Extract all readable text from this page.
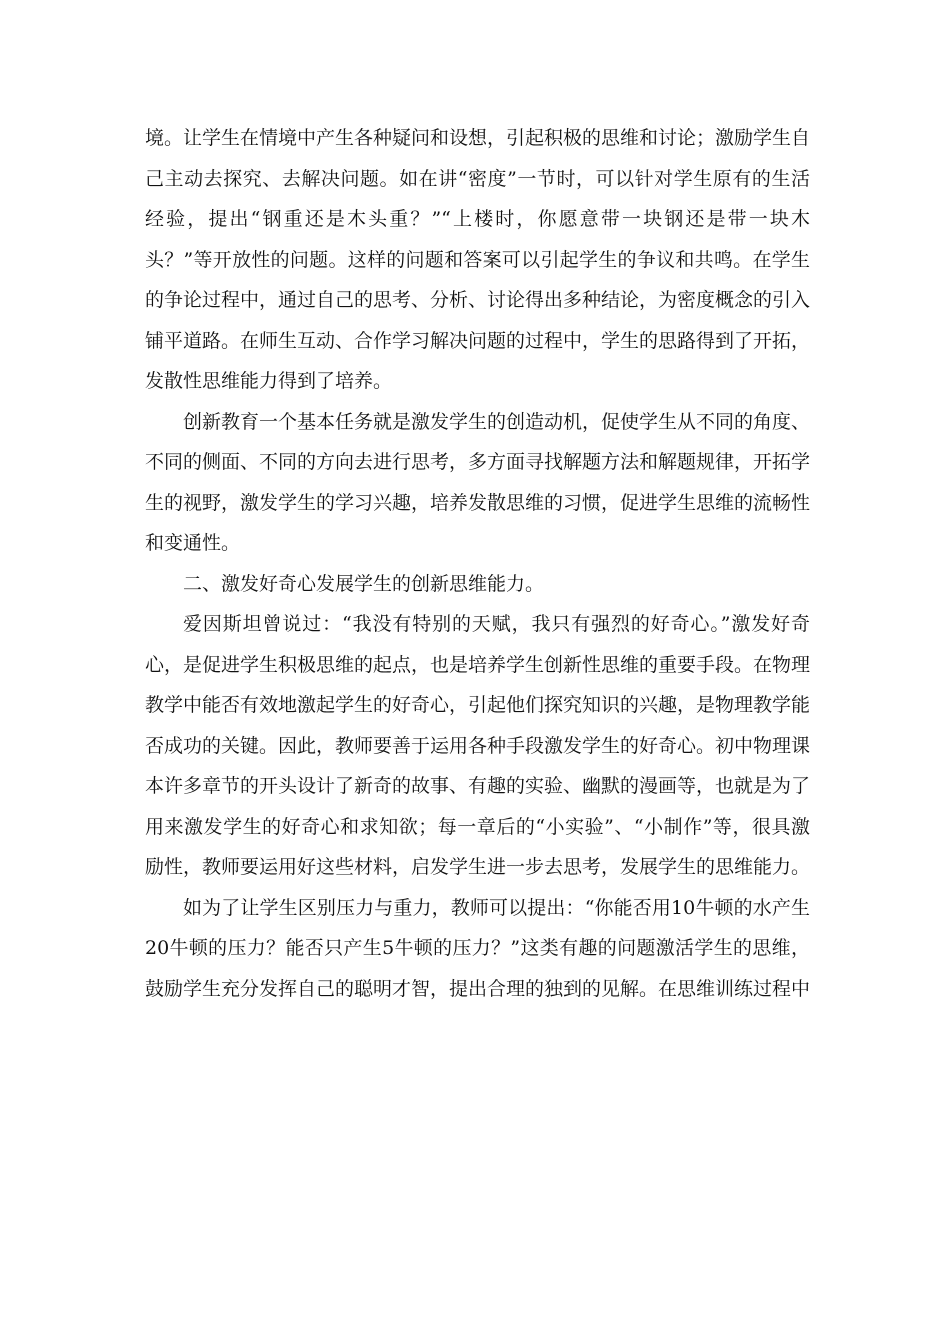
境。让学生在情境中产生各种疑问和设想，引起积极的思维和讨论；激励学生自己主动去探究、去解决问题。如在讲“密度”一节时，可以针对学生原有的生活经验，提出“钢重还是木头重？”“上楼时，你愿意带一块钢还是带一块木头？”等开放性的问题。这样的问题和答案可以引起学生的争议和共鸣。在学生的争论过程中，通过自己的思考、分析、讨论得出多种结论，为密度概念的引入铺平道路。在师生互动、合作学习解决问题的过程中，学生的思路得到了开拓，发散性思维能力得到了培养。

创新教育一个基本任务就是激发学生的创造动机，促使学生从不同的角度、不同的侧面、不同的方向去进行思考，多方面寻找解题方法和解题规律，开拓学生的视野，激发学生的学习兴趣，培养发散思维的习惯，促进学生思维的流畅性和变通性。

二、激发好奇心发展学生的创新思维能力。

爱因斯坦曾说过：“我没有特别的天赋，我只有强烈的好奇心。”激发好奇心，是促进学生积极思维的起点，也是培养学生创新性思维的重要手段。在物理教学中能否有效地激起学生的好奇心，引起他们探究知识的兴趣，是物理教学能否成功的关键。因此，教师要善于运用各种手段激发学生的好奇心。初中物理课本许多章节的开头设计了新奇的故事、有趣的实验、幽默的漫画等，也就是为了用来激发学生的好奇心和求知欲；每一章后的“小实验”、“小制作”等，很具激励性，教师要运用好这些材料，启发学生进一步去思考，发展学生的思维能力。

如为了让学生区别压力与重力，教师可以提出：“你能否用10牛顿的水产生20牛顿的压力？能否只产生5牛顿的压力？”这类有趣的问题激活学生的思维，鼓励学生充分发挥自己的聪明才智，提出合理的独到的见解。在思维训练过程中
